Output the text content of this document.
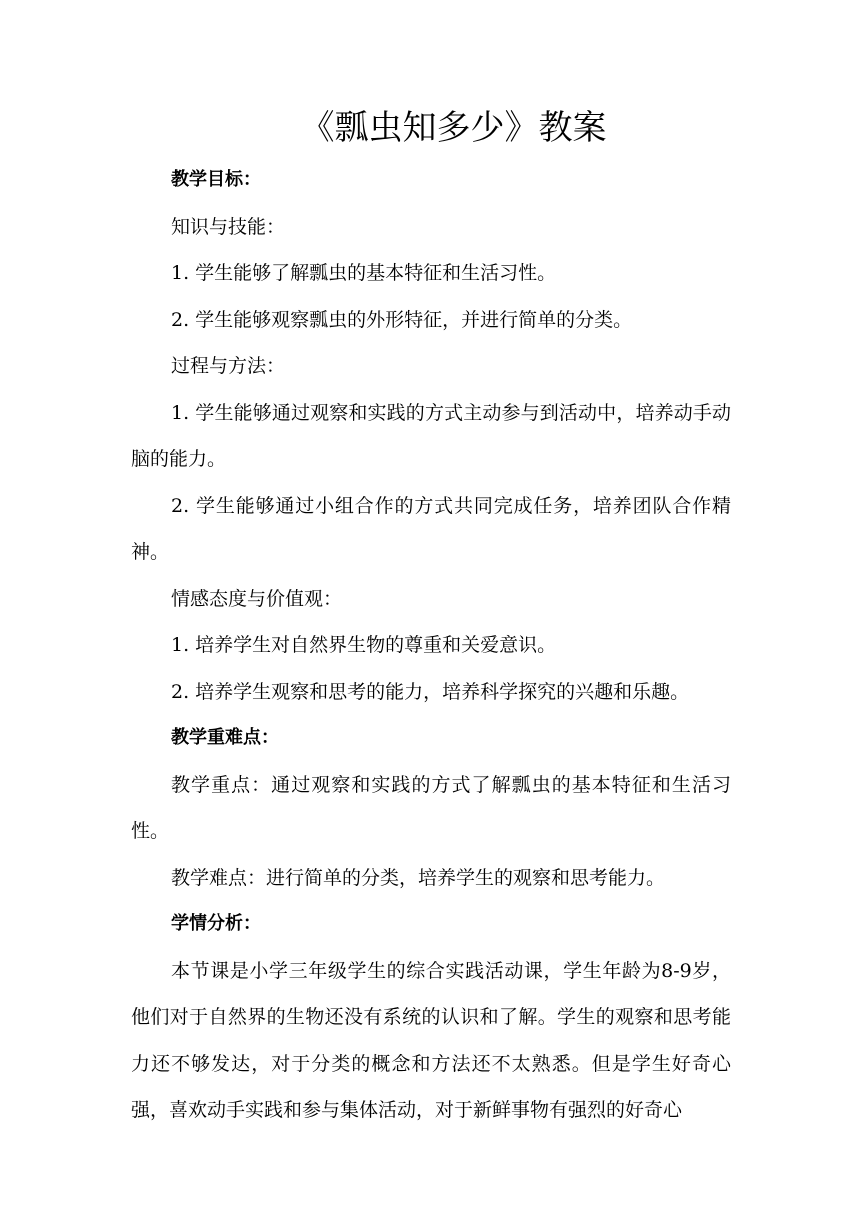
《瓢虫知多少》教案

教学目标：

知识与技能：

1. 学生能够了解瓢虫的基本特征和生活习性。

2. 学生能够观察瓢虫的外形特征，并进行简单的分类。

过程与方法：

1. 学生能够通过观察和实践的方式主动参与到活动中，培养动手动脑的能力。

2. 学生能够通过小组合作的方式共同完成任务，培养团队合作精神。

情感态度与价值观：

1. 培养学生对自然界生物的尊重和关爱意识。

2. 培养学生观察和思考的能力，培养科学探究的兴趣和乐趣。

教学重难点：

教学重点：通过观察和实践的方式了解瓢虫的基本特征和生活习性。

教学难点：进行简单的分类，培养学生的观察和思考能力。

学情分析：

本节课是小学三年级学生的综合实践活动课，学生年龄为8-9岁，他们对于自然界的生物还没有系统的认识和了解。学生的观察和思考能力还不够发达，对于分类的概念和方法还不太熟悉。但是学生好奇心强，喜欢动手实践和参与集体活动，对于新鲜事物有强烈的好奇心
